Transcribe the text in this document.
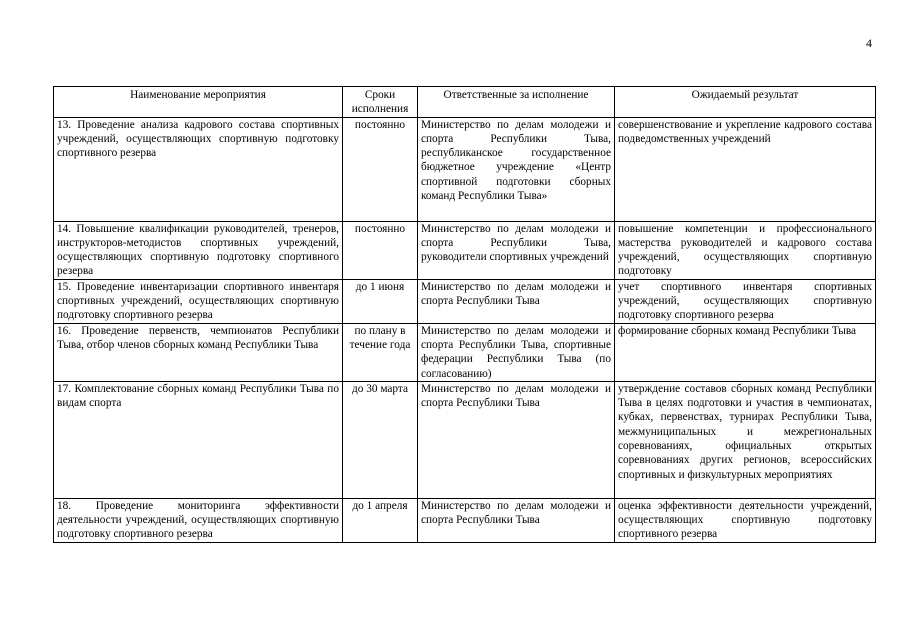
4
Наименование мероприятия	Сроки исполнения	Ответственные за исполнение	Ожидаемый результат
13. Проведение анализа кадрового состава спортивных учреждений, осуществляющих спортивную подготовку спортивного резерва	постоянно	Министерство по делам молодежи и спорта Республики Тыва, республиканское государственное бюджетное учреждение «Центр спортивной подготовки сборных команд Республики Тыва»	совершенствование и укрепление кадрового состава подведомственных учреждений
14. Повышение квалификации руководителей, тренеров, инструкторов-методистов спортивных учреждений, осуществляющих спортивную подготовку спортивного резерва	постоянно	Министерство по делам молодежи и спорта Республики Тыва, руководители спортивных учреждений	повышение компетенции и профессионального мастерства руководителей и кадрового состава учреждений, осуществляющих спортивную подготовку
15. Проведение инвентаризации спортивного инвентаря спортивных учреждений, осуществляющих спортивную подготовку спортивного резерва	до 1 июня	Министерство по делам молодежи и спорта Республики Тыва	учет спортивного инвентаря спортивных учреждений, осуществляющих спортивную подготовку спортивного резерва
16. Проведение первенств, чемпионатов Республики Тыва, отбор членов сборных команд Республики Тыва	по плану в течение года	Министерство по делам молодежи и спорта Республики Тыва, спортивные федерации Республики Тыва (по согласованию)	формирование сборных команд Республики Тыва
17. Комплектование сборных команд Республики Тыва по видам спорта	до 30 марта	Министерство по делам молодежи и спорта Республики Тыва	утверждение составов сборных команд Республики Тыва в целях подготовки и участия в чемпионатах, кубках, первенствах, турнирах Республики Тыва, межмуниципальных и межрегиональных соревнованиях, официальных открытых соревнованиях других регионов, всероссийских спортивных и физкультурных мероприятиях
18. Проведение мониторинга эффективности деятельности учреждений, осуществляющих спортивную подготовку спортивного резерва	до 1 апреля	Министерство по делам молодежи и спорта Республики Тыва	оценка эффективности деятельности учреждений, осуществляющих спортивную подготовку спортивного резерва
